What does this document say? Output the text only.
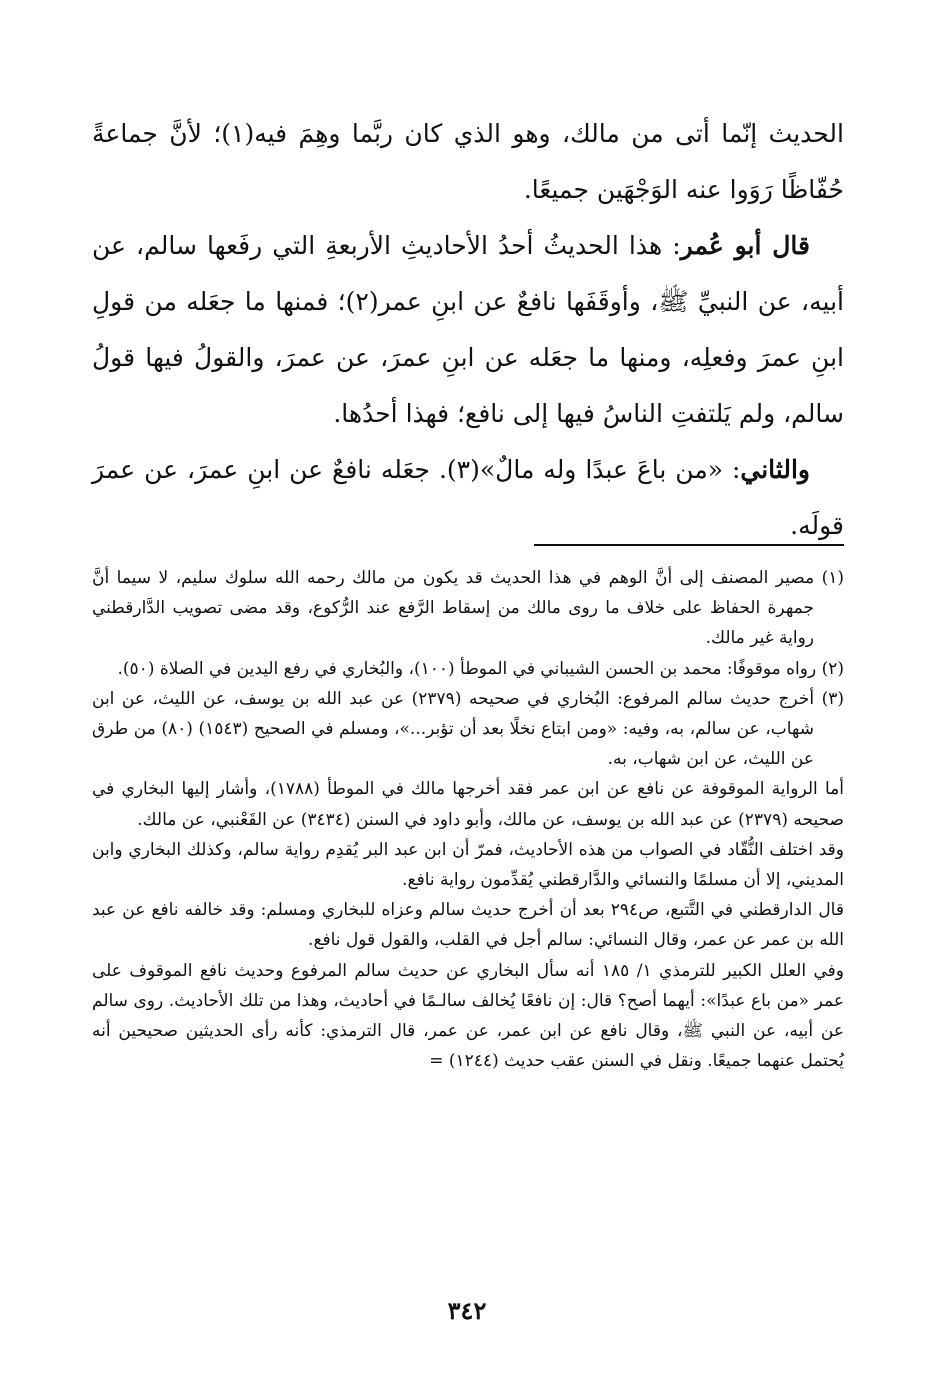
الحديث إنّما أتى من مالك، وهو الذي كان ربَّما وهِمَ فيه(١)؛ لأنَّ جماعةً حُفّاظًا رَوَوا عنه الوَجْهَين جميعًا.

قال أبو عُمر: هذا الحديثُ أحدُ الأحاديثِ الأربعةِ التي رفَعها سالم، عن أبيه، عن النبيِّ ﷺ، وأوقَفَها نافعٌ عن ابنِ عمر(٢)؛ فمنها ما جعَله من قولِ ابنِ عمرَ وفعلِه، ومنها ما جعَله عن ابنِ عمرَ، عن عمرَ، والقولُ فيها قولُ سالم، ولم يَلتفتِ الناسُ فيها إلى نافع؛ فهذا أحدُها.

والثاني: «من باعَ عبدًا وله مالٌ»(٣). جعَله نافعٌ عن ابنِ عمرَ، عن عمرَ قولَه.

(١) مصير المصنف إلى أنَّ الوهم في هذا الحديث قد يكون من مالك رحمه الله سلوك سليم، لا سيما أنَّ جمهرة الحفاظ على خلاف ما روى مالك من إسقاط الرَّفع عند الرُّكوع، وقد مضى تصويب الدَّارقطني رواية غير مالك.

(٢) رواه موقوفًا: محمد بن الحسن الشيباني في الموطأ (١٠٠)، والبُخاري في رفع اليدين في الصلاة (٥٠).

(٣) أخرج حديث سالم المرفوع: البُخاري في صحيحه (٢٣٧٩) عن عبد الله بن يوسف، عن الليث، عن ابن شهاب، عن سالم، به، وفيه: «ومن ابتاع نخلًا بعد أن تؤبر...»، ومسلم في الصحيح (١٥٤٣) (٨٠) من طرق عن الليث، عن ابن شهاب، به.

أما الرواية الموقوفة عن نافع عن ابن عمر فقد أخرجها مالك في الموطأ (١٧٨٨)، وأشار إليها البخاري في صحيحه (٢٣٧٩) عن عبد الله بن يوسف، عن مالك، وأبو داود في السنن (٣٤٣٤) عن القَعْنبي، عن مالك.

وقد اختلف النُّقّاد في الصواب من هذه الأحاديث، فمرّ أن ابن عبد البر يُقدِم رواية سالم، وكذلك البخاري وابن المديني، إلا أن مسلمًا والنسائي والدَّارقطني يُقدِّمون رواية نافع.

قال الدارقطني في التَّتبع، ص٢٩٤ بعد أن أخرج حديث سالم وعزاه للبخاري ومسلم: وقد خالفه نافع عن عبد الله بن عمر عن عمر، وقال النسائي: سالم أجل في القلب، والقول قول نافع.

وفي العلل الكبير للترمذي ١/ ١٨٥ أنه سأل البخاري عن حديث سالم المرفوع وحديث نافع الموقوف على عمر «من باع عبدًا»: أيهما أصح؟ قال: إن نافعًا يُخالف سالـمًا في أحاديث، وهذا من تلك الأحاديث. روى سالم عن أبيه، عن النبي ﷺ، وقال نافع عن ابن عمر، عن عمر، قال الترمذي: كأنه رأى الحديثين صحيحين أنه يُحتمل عنهما جميعًا. ونقل في السنن عقب حديث (١٢٤٤) =

٣٤٢
